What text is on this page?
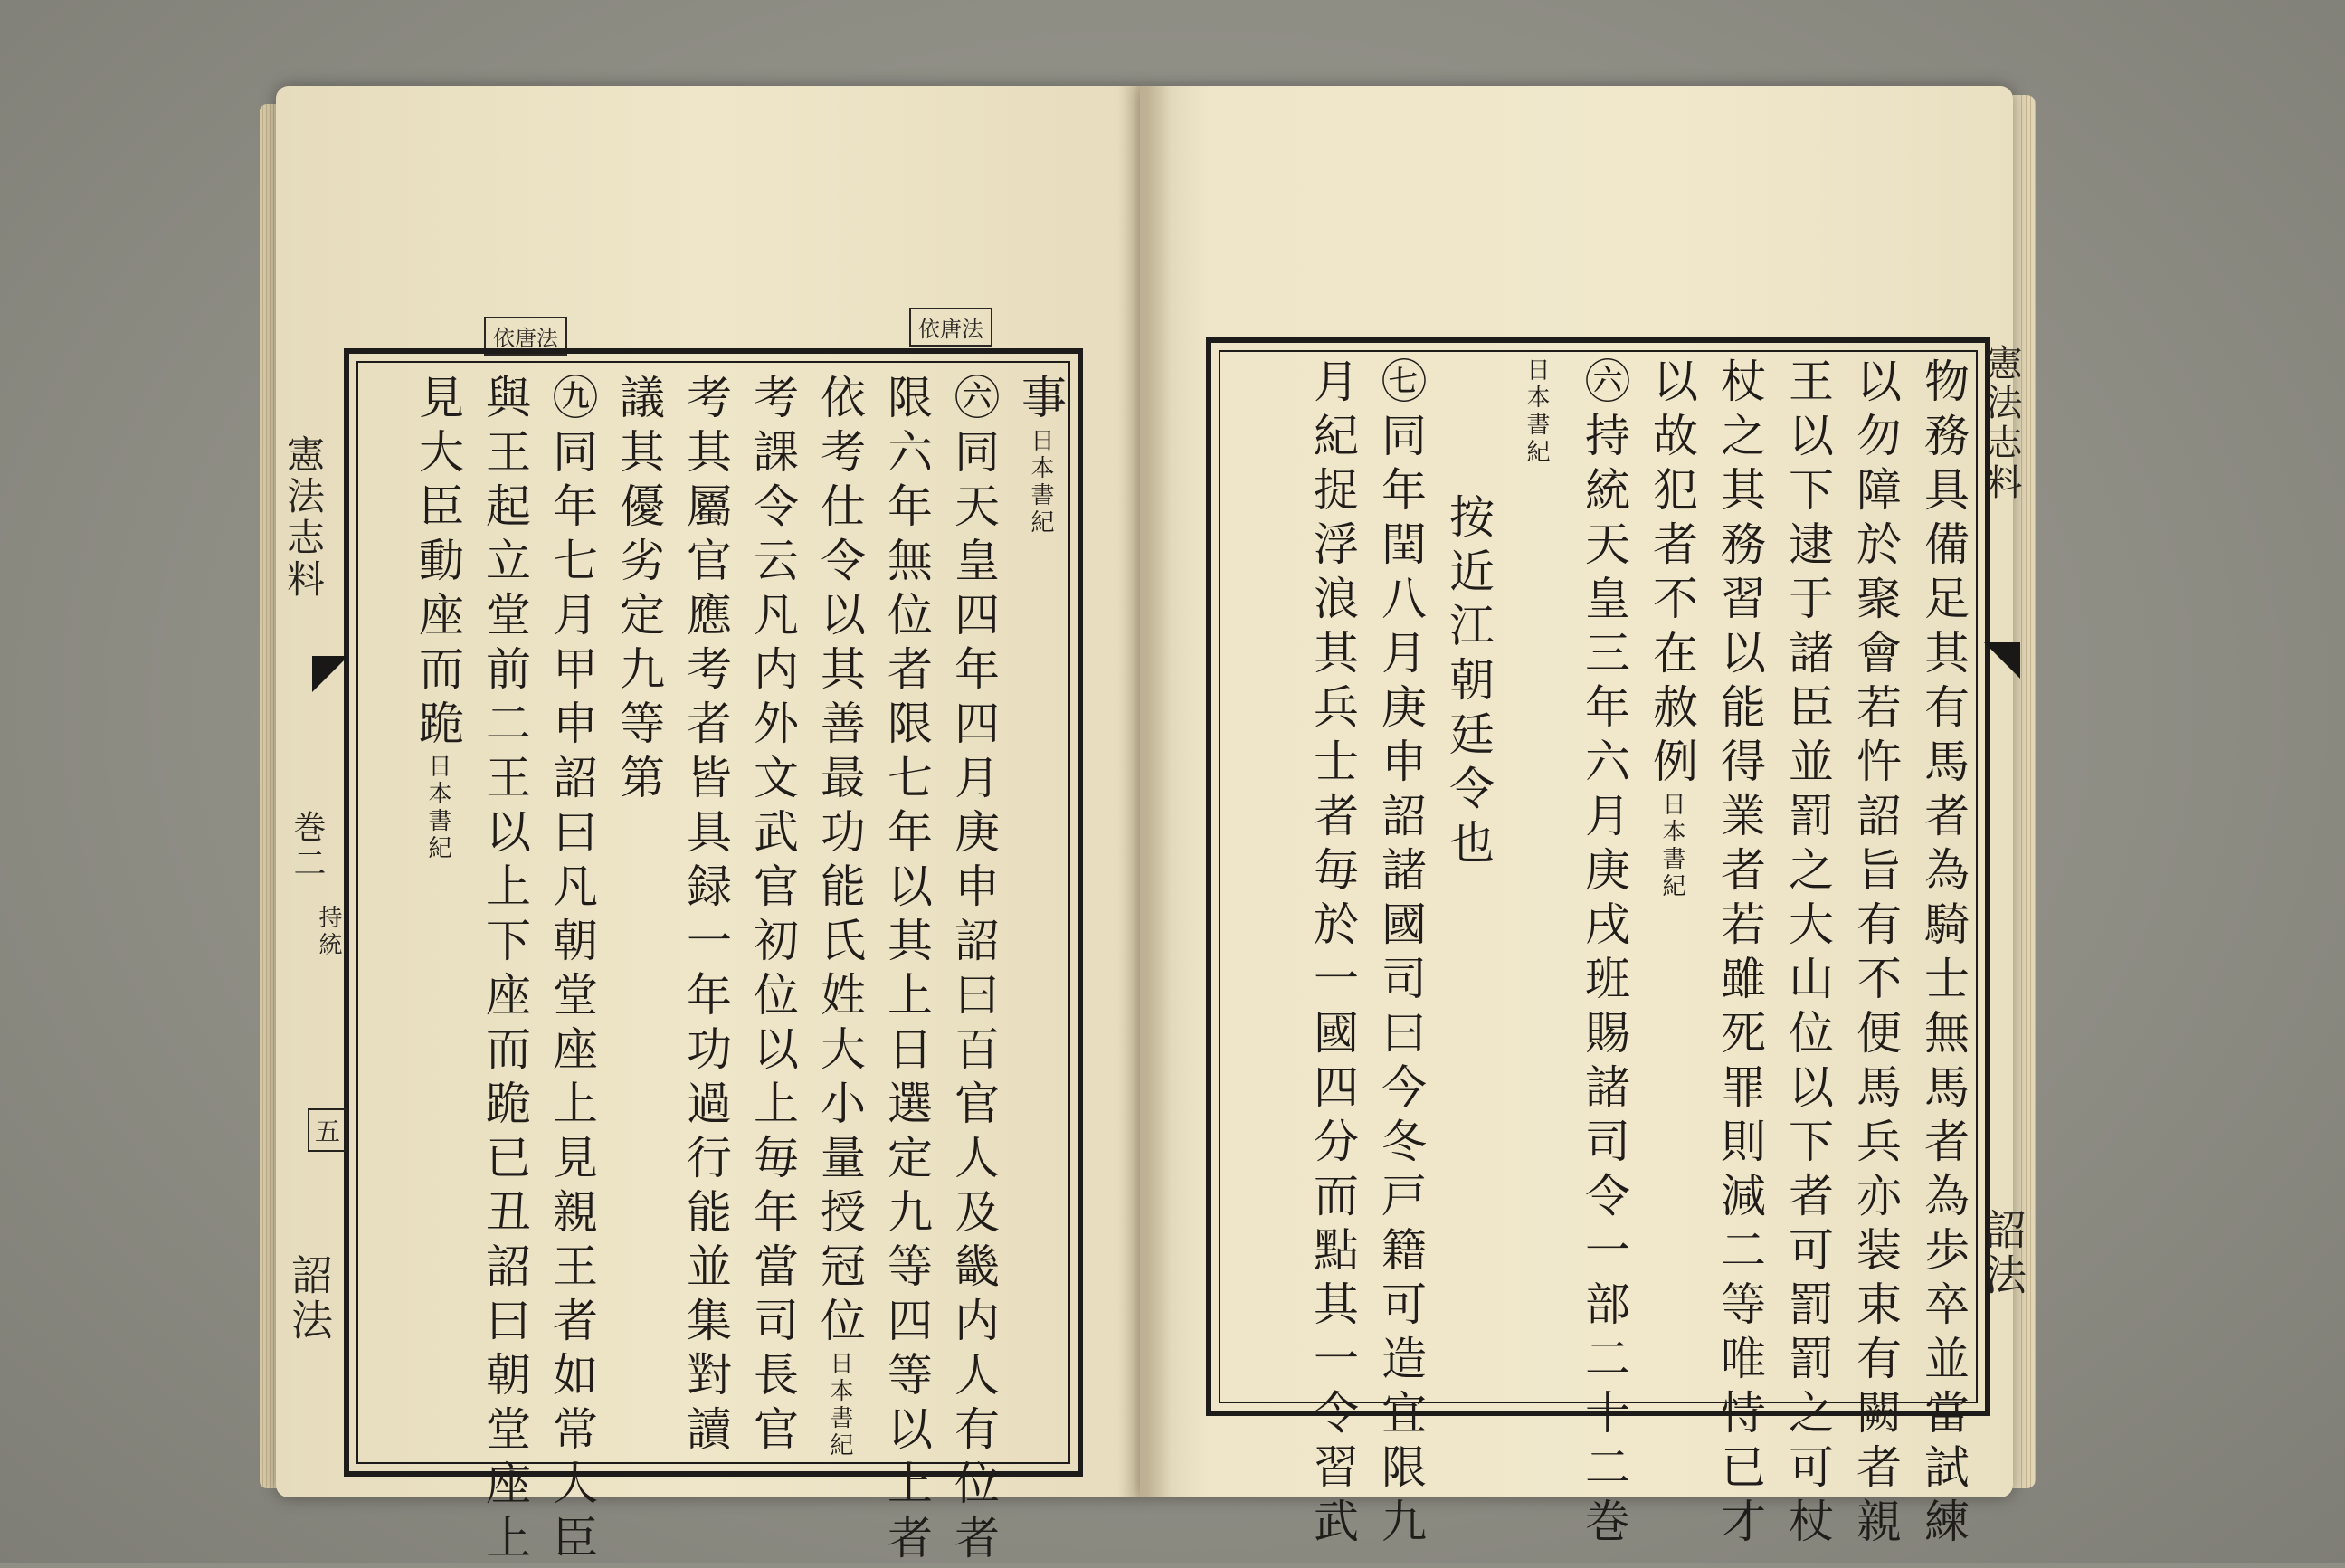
依唐法	依唐法
憲法志料
巻二
持統
五
詔法
事日本書紀
㊅同天皇四年四月庚申詔曰百官人及畿内人有位者
限六年無位者限七年以其上日選定九等四等以上者
依考仕令以其善最功能氏姓大小量授冠位日本書紀
考課令云凡内外文武官初位以上毎年當司長官
考其屬官應考者皆具録一年功過行能並集對讀
議其優劣定九等第
㊈同年七月甲申詔曰凡朝堂座上見親王者如常大臣
與王起立堂前二王以上下座而跪已丑詔曰朝堂座上
見大臣動座而跪日本書紀
憲法志料
詔法
物務具備足其有馬者為騎士無馬者為歩卒並當試練
以勿障於聚會若忤詔旨有不便馬兵亦装束有闕者親
王以下逮于諸臣並罰之大山位以下者可罰罰之可杖
杖之其務習以能得業者若雖死罪則減二等唯恃已才
以故犯者不在赦例日本書紀
㊅持統天皇三年六月庚戌班賜諸司令一部二十二巻
日本書紀
按近江朝廷令也
㊆同年閏八月庚申詔諸國司曰今冬戸籍可造宜限九
月紀捉浮浪其兵士者毎於一國四分而點其一令習武
